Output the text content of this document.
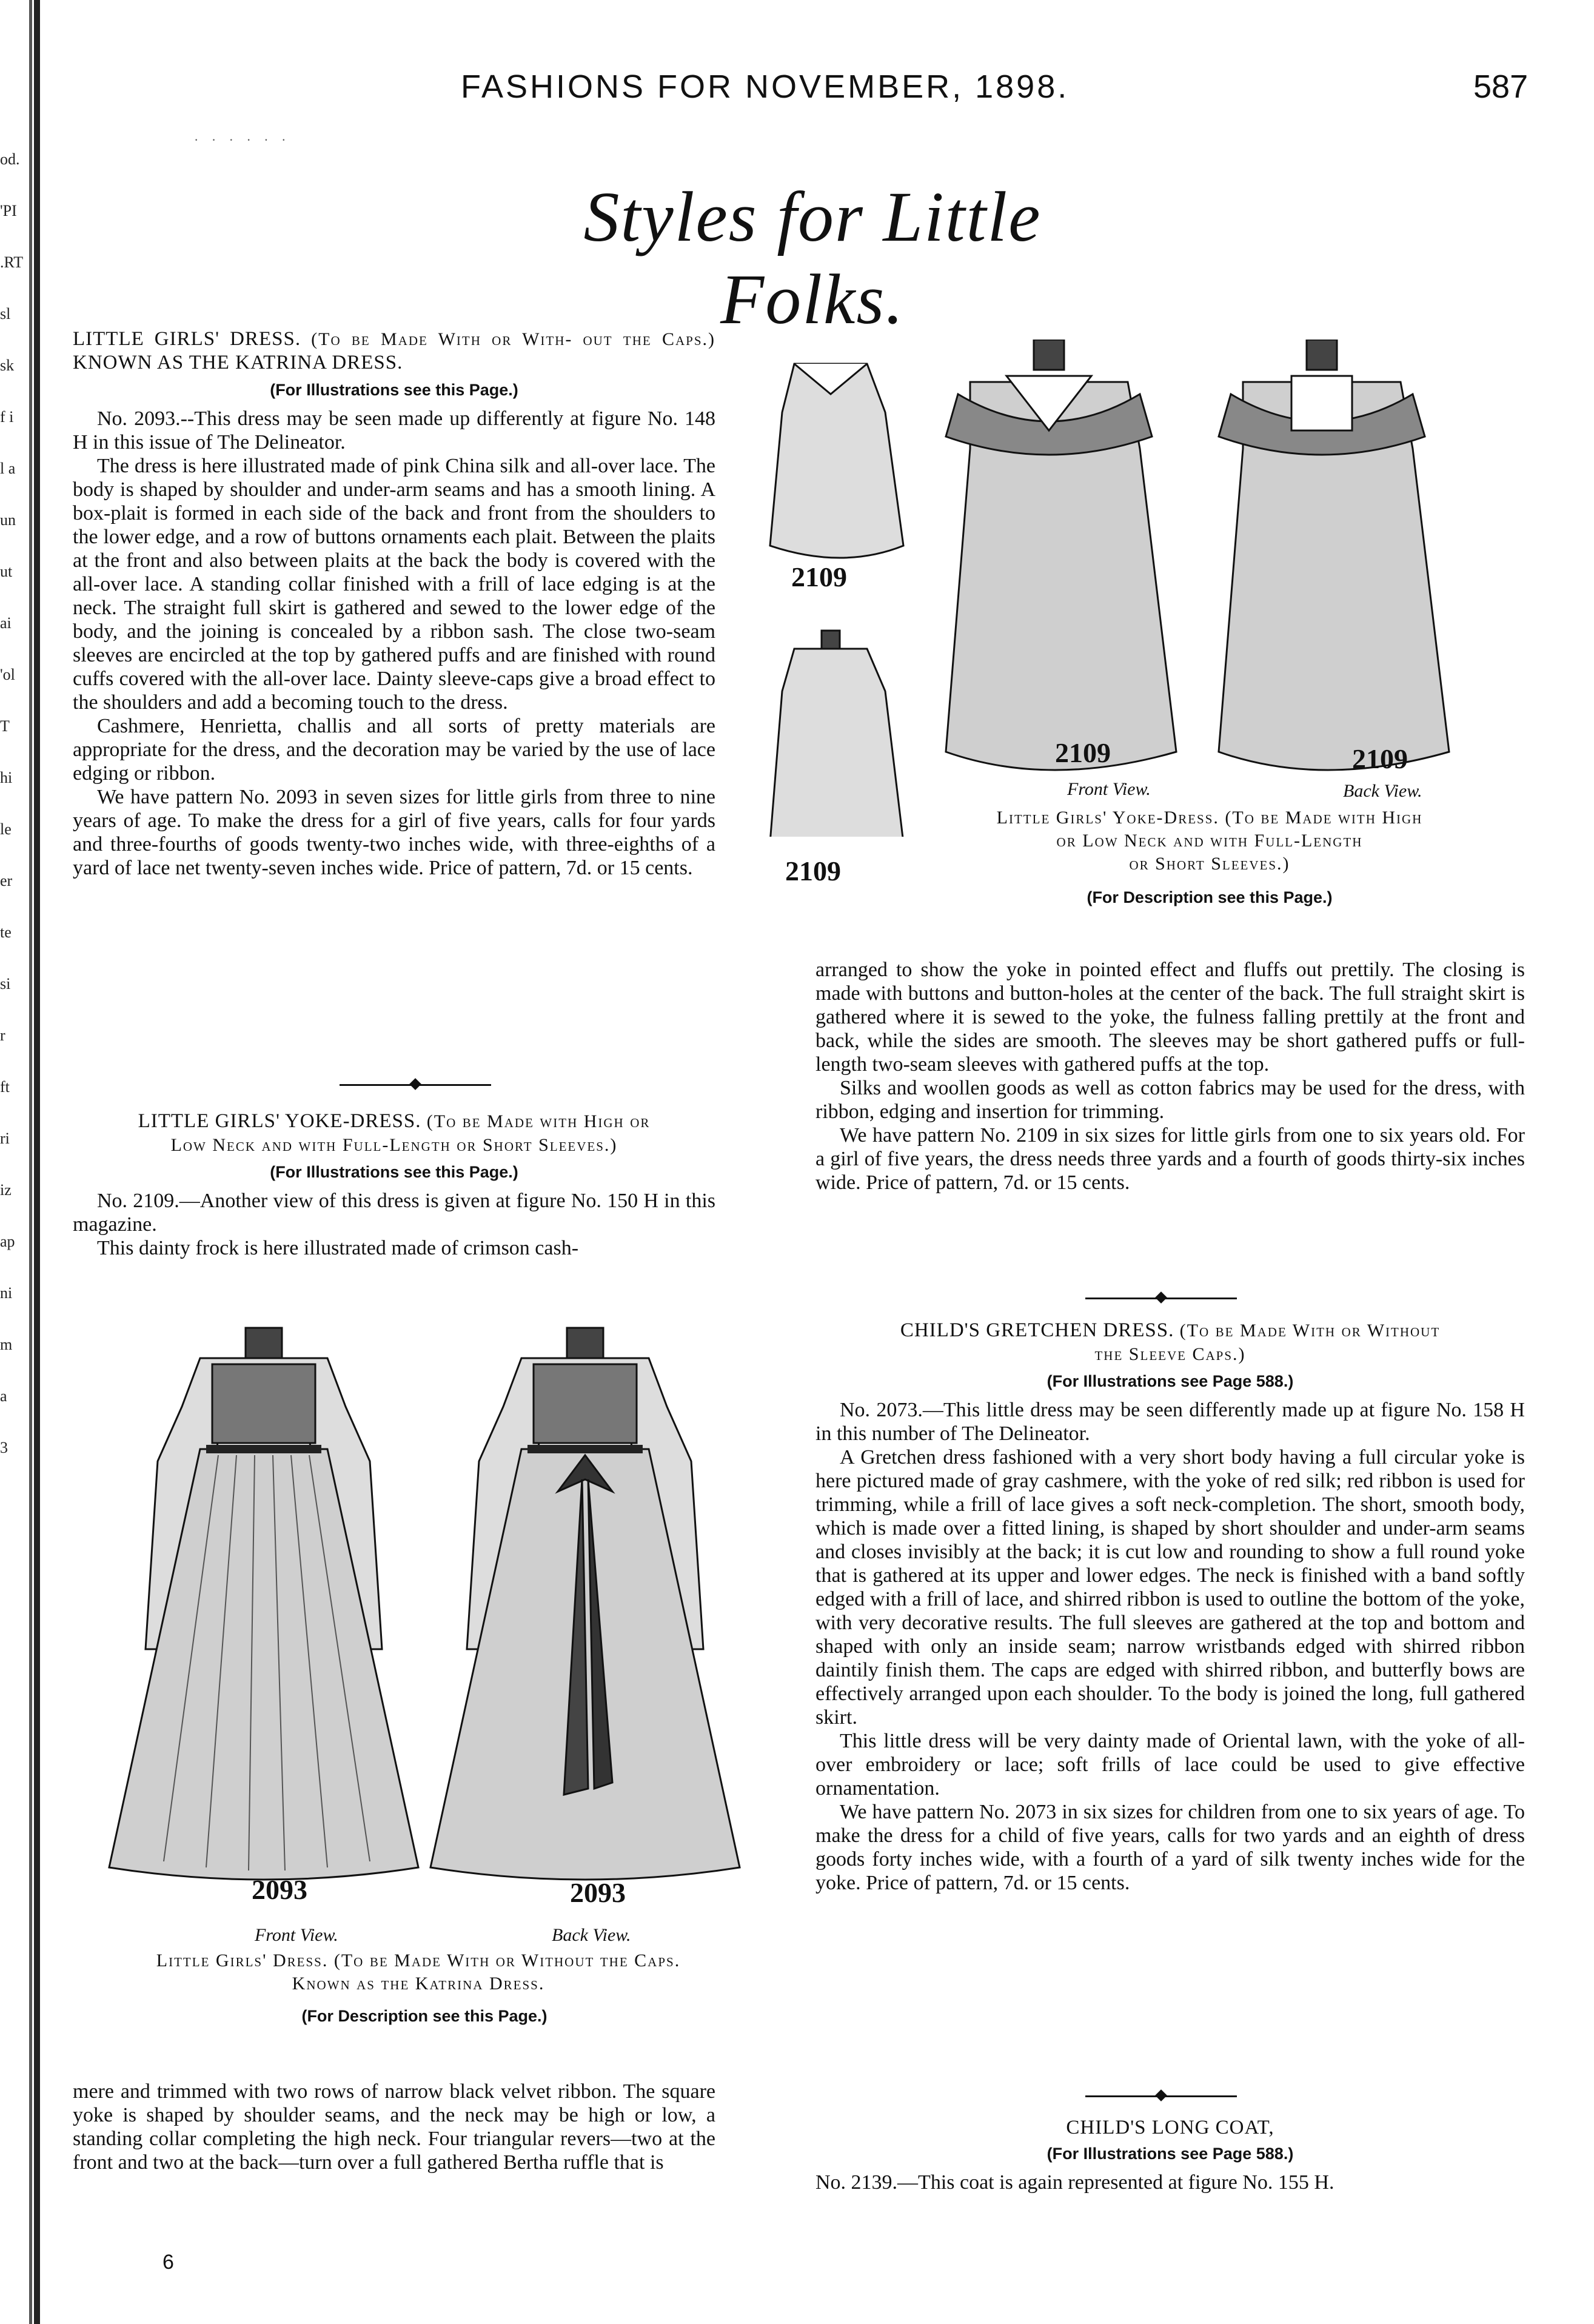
FASHIONS FOR NOVEMBER, 1898.	587
· · · · · ·
Styles for Little Folks.
LITTLE GIRLS' DRESS. (To be Made With or With- out the Caps.) KNOWN AS THE KATRINA DRESS.
(For Illustrations see this Page.)

No. 2093.--This dress may be seen made up differently at figure No. 148 H in this issue of The Delineator.

The dress is here illustrated made of pink China silk and all-over lace. The body is shaped by shoulder and under-arm seams and has a smooth lining. A box-plait is formed in each side of the back and front from the shoulders to the lower edge, and a row of buttons ornaments each plait. Between the plaits at the front and also between plaits at the back the body is covered with the all-over lace. A standing collar finished with a frill of lace edging is at the neck. The straight full skirt is gathered and sewed to the lower edge of the body, and the joining is concealed by a ribbon sash. The close two-seam sleeves are encircled at the top by gathered puffs and are finished with round cuffs covered with the all-over lace. Dainty sleeve-caps give a broad effect to the shoulders and add a becoming touch to the dress.

Cashmere, Henrietta, challis and all sorts of pretty materials are appropriate for the dress, and the decoration may be varied by the use of lace edging or ribbon.

We have pattern No. 2093 in seven sizes for little girls from three to nine years of age. To make the dress for a girl of five years, calls for four yards and three-fourths of goods twenty-two inches wide, with three-eighths of a yard of lace net twenty-seven inches wide. Price of pattern, 7d. or 15 cents.

LITTLE GIRLS' YOKE-DRESS. (To be Made with High or
Low Neck and with Full-Length or Short Sleeves.)
(For Illustrations see this Page.)

No. 2109.—Another view of this dress is given at figure No. 150 H in this magazine.

This dainty frock is here illustrated made of crimson cash-

2093	2093
Front View.	Back View.
Little Girls' Dress. (To be Made With or Without the Caps.
Known as the Katrina Dress.
(For Description see this Page.)

mere and trimmed with two rows of narrow black velvet ribbon. The square yoke is shaped by shoulder seams, and the neck may be high or low, a standing collar completing the high neck. Four triangular revers—two at the front and two at the back—turn over a full gathered Bertha ruffle that is

6
2109
2109
2109	2109
Front View.	Back View.
Little Girls' Yoke-Dress. (To be Made with High
or Low Neck and with Full-Length
or Short Sleeves.)
(For Description see this Page.)

arranged to show the yoke in pointed effect and fluffs out prettily. The closing is made with buttons and button-holes at the center of the back. The full straight skirt is gathered where it is sewed to the yoke, the fulness falling prettily at the front and back, while the sides are smooth. The sleeves may be short gathered puffs or full-length two-seam sleeves with gathered puffs at the top.

Silks and woollen goods as well as cotton fabrics may be used for the dress, with ribbon, edging and insertion for trimming.

We have pattern No. 2109 in six sizes for little girls from one to six years old. For a girl of five years, the dress needs three yards and a fourth of goods thirty-six inches wide. Price of pattern, 7d. or 15 cents.

CHILD'S GRETCHEN DRESS. (To be Made With or Without
the Sleeve Caps.)
(For Illustrations see Page 588.)

No. 2073.—This little dress may be seen differently made up at figure No. 158 H in this number of The Delineator.

A Gretchen dress fashioned with a very short body having a full circular yoke is here pictured made of gray cashmere, with the yoke of red silk; red ribbon is used for trimming, while a frill of lace gives a soft neck-completion. The short, smooth body, which is made over a fitted lining, is shaped by short shoulder and under-arm seams and closes invisibly at the back; it is cut low and rounding to show a full round yoke that is gathered at its upper and lower edges. The neck is finished with a band softly edged with a frill of lace, and shirred ribbon is used to outline the bottom of the yoke, with very decorative results. The full sleeves are gathered at the top and bottom and shaped with only an inside seam; narrow wristbands edged with shirred ribbon daintily finish them. The caps are edged with shirred ribbon, and butterfly bows are effectively arranged upon each shoulder. To the body is joined the long, full gathered skirt.

This little dress will be very dainty made of Oriental lawn, with the yoke of all-over embroidery or lace; soft frills of lace could be used to give effective ornamentation.

We have pattern No. 2073 in six sizes for children from one to six years of age. To make the dress for a child of five years, calls for two yards and an eighth of dress goods forty inches wide, with a fourth of a yard of silk twenty inches wide for the yoke. Price of pattern, 7d. or 15 cents.

CHILD'S LONG COAT,
(For Illustrations see Page 588.)

No. 2139.—This coat is again represented at figure No. 155 H.

od.
'PI
.RT
sl
sk
f i
l a
un
ut
ai
'ol
T
hi
le
er
te
si
r
ft
ri
iz
ap
ni
m
a
3
